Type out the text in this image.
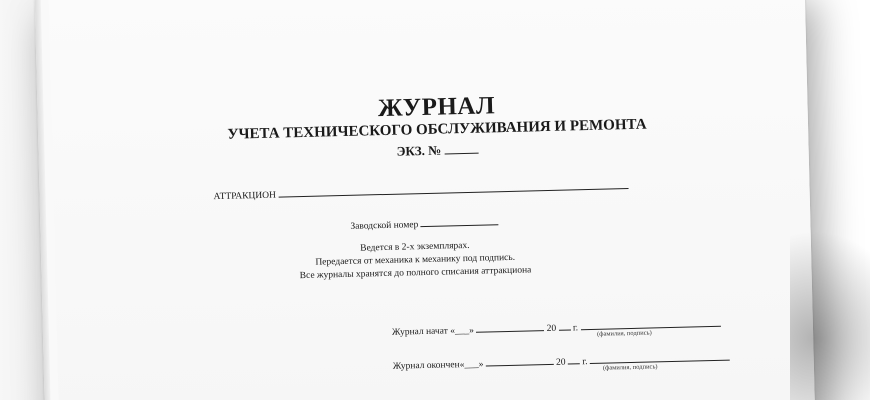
ЖУРНАЛ
УЧЕТА ТЕХНИЧЕСКОГО ОБСЛУЖИВАНИЯ И РЕМОНТА
ЭКЗ. №
АТТРАКЦИОН
Заводской номер
Ведется в 2-х экземплярах.
Передается от механика к механику под подпись.
Все журналы хранятся до полного списания аттракциона
Журнал начат «___»	20 г.
(фамилия, подпись)
Журнал окончен«___»	20 г.
(фамилия, подпись)
